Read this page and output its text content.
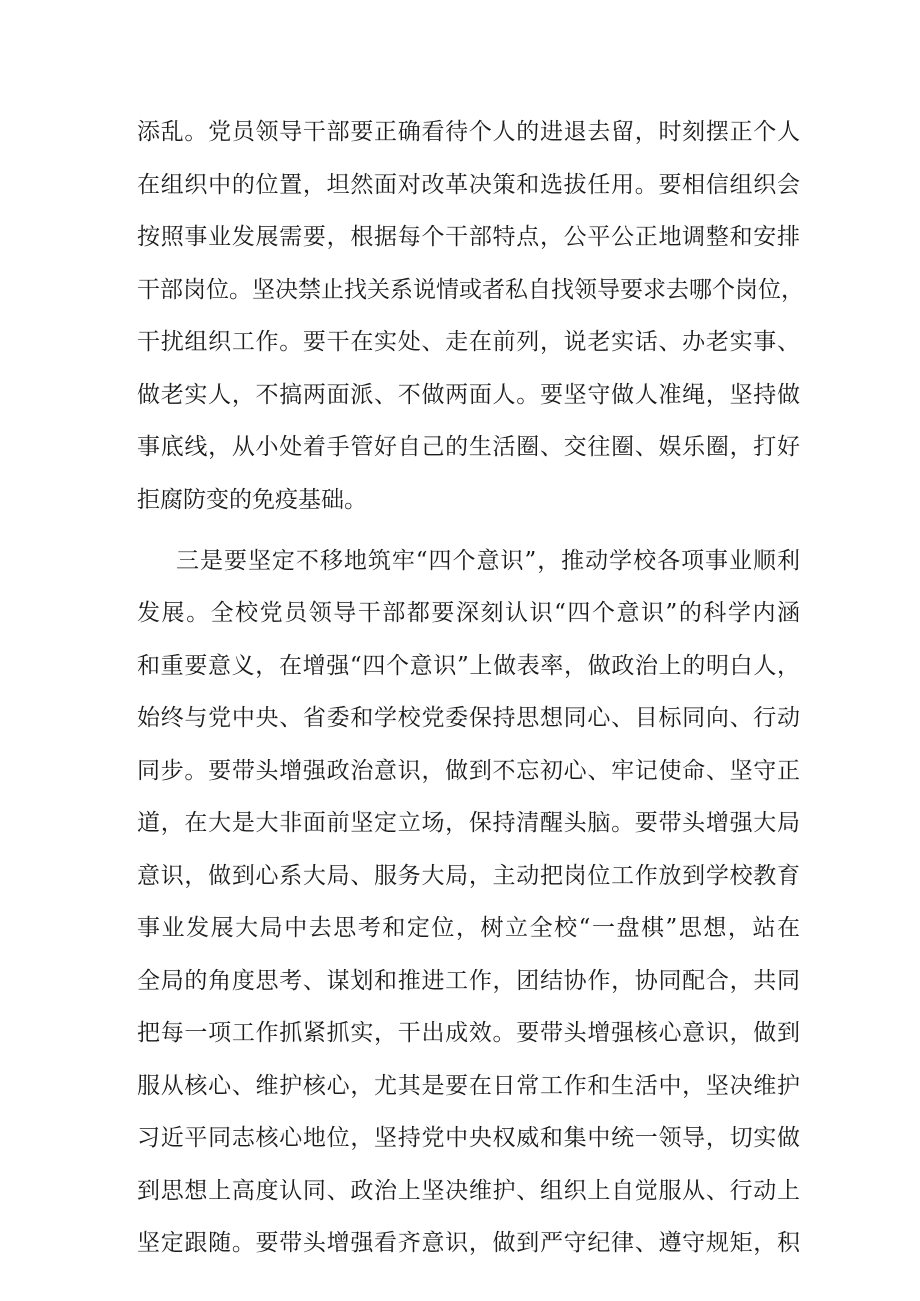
添乱。党员领导干部要正确看待个人的进退去留，时刻摆正个人
在组织中的位置，坦然面对改革决策和选拔任用。要相信组织会
按照事业发展需要，根据每个干部特点，公平公正地调整和安排
干部岗位。坚决禁止找关系说情或者私自找领导要求去哪个岗位，
干扰组织工作。要干在实处、走在前列，说老实话、办老实事、
做老实人，不搞两面派、不做两面人。要坚守做人准绳，坚持做
事底线，从小处着手管好自己的生活圈、交往圈、娱乐圈，打好
拒腐防变的免疫基础。
三是要坚定不移地筑牢“四个意识”，推动学校各项事业顺利
发展。全校党员领导干部都要深刻认识“四个意识”的科学内涵
和重要意义，在增强“四个意识”上做表率，做政治上的明白人，
始终与党中央、省委和学校党委保持思想同心、目标同向、行动
同步。要带头增强政治意识，做到不忘初心、牢记使命、坚守正
道，在大是大非面前坚定立场，保持清醒头脑。要带头增强大局
意识，做到心系大局、服务大局，主动把岗位工作放到学校教育
事业发展大局中去思考和定位，树立全校“一盘棋”思想，站在
全局的角度思考、谋划和推进工作，团结协作，协同配合，共同
把每一项工作抓紧抓实，干出成效。要带头增强核心意识，做到
服从核心、维护核心，尤其是要在日常工作和生活中，坚决维护
习近平同志核心地位，坚持党中央权威和集中统一领导，切实做
到思想上高度认同、政治上坚决维护、组织上自觉服从、行动上
坚定跟随。要带头增强看齐意识，做到严守纪律、遵守规矩，积
